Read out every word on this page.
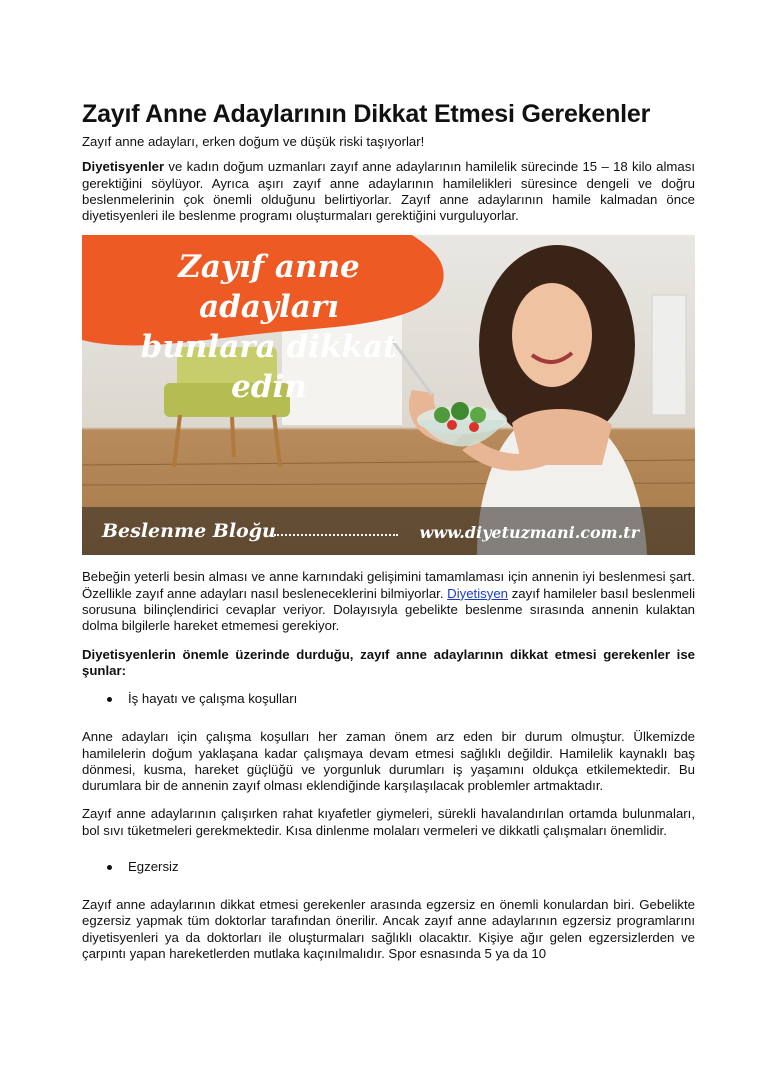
Zayıf Anne Adaylarının Dikkat Etmesi Gerekenler

Zayıf anne adayları, erken doğum ve düşük riski taşıyorlar!

Diyetisyenler ve kadın doğum uzmanları zayıf anne adaylarının hamilelik sürecinde 15 – 18 kilo alması gerektiğini söylüyor. Ayrıca aşırı zayıf anne adaylarının hamilelikleri süresince dengeli ve doğru beslenmelerinin çok önemli olduğunu belirtiyorlar. Zayıf anne adaylarının hamile kalmadan önce diyetisyenleri ile beslenme programı oluşturmaları gerektiğini vurguluyorlar.

Zayıf anne adayları
bunlara dikkat edin
Beslenme Bloğu	www.diyetuzmani.com.tr

Bebeğin yeterli besin alması ve anne karnındaki gelişimini tamamlaması için annenin iyi beslenmesi şart. Özellikle zayıf anne adayları nasıl besleneceklerini bilmiyorlar. Diyetisyen zayıf hamileler basıl beslenmeli sorusuna bilinçlendirici cevaplar veriyor. Dolayısıyla gebelikte beslenme sırasında annenin kulaktan dolma bilgilerle hareket etmemesi gerekiyor.

Diyetisyenlerin önemle üzerinde durduğu, zayıf anne adaylarının dikkat etmesi gerekenler ise şunlar:

İş hayatı ve çalışma koşulları

Anne adayları için çalışma koşulları her zaman önem arz eden bir durum olmuştur. Ülkemizde hamilelerin doğum yaklaşana kadar çalışmaya devam etmesi sağlıklı değildir. Hamilelik kaynaklı baş dönmesi, kusma, hareket güçlüğü ve yorgunluk durumları iş yaşamını oldukça etkilemektedir. Bu durumlara bir de annenin zayıf olması eklendiğinde karşılaşılacak problemler artmaktadır.

Zayıf anne adaylarının çalışırken rahat kıyafetler giymeleri, sürekli havalandırılan ortamda bulunmaları, bol sıvı tüketmeleri gerekmektedir. Kısa dinlenme molaları vermeleri ve dikkatli çalışmaları önemlidir.

Egzersiz

Zayıf anne adaylarının dikkat etmesi gerekenler arasında egzersiz en önemli konulardan biri. Gebelikte egzersiz yapmak tüm doktorlar tarafından önerilir. Ancak zayıf anne adaylarının egzersiz programlarını diyetisyenleri ya da doktorları ile oluşturmaları sağlıklı olacaktır. Kişiye ağır gelen egzersizlerden ve çarpıntı yapan hareketlerden mutlaka kaçınılmalıdır. Spor esnasında 5 ya da 10
